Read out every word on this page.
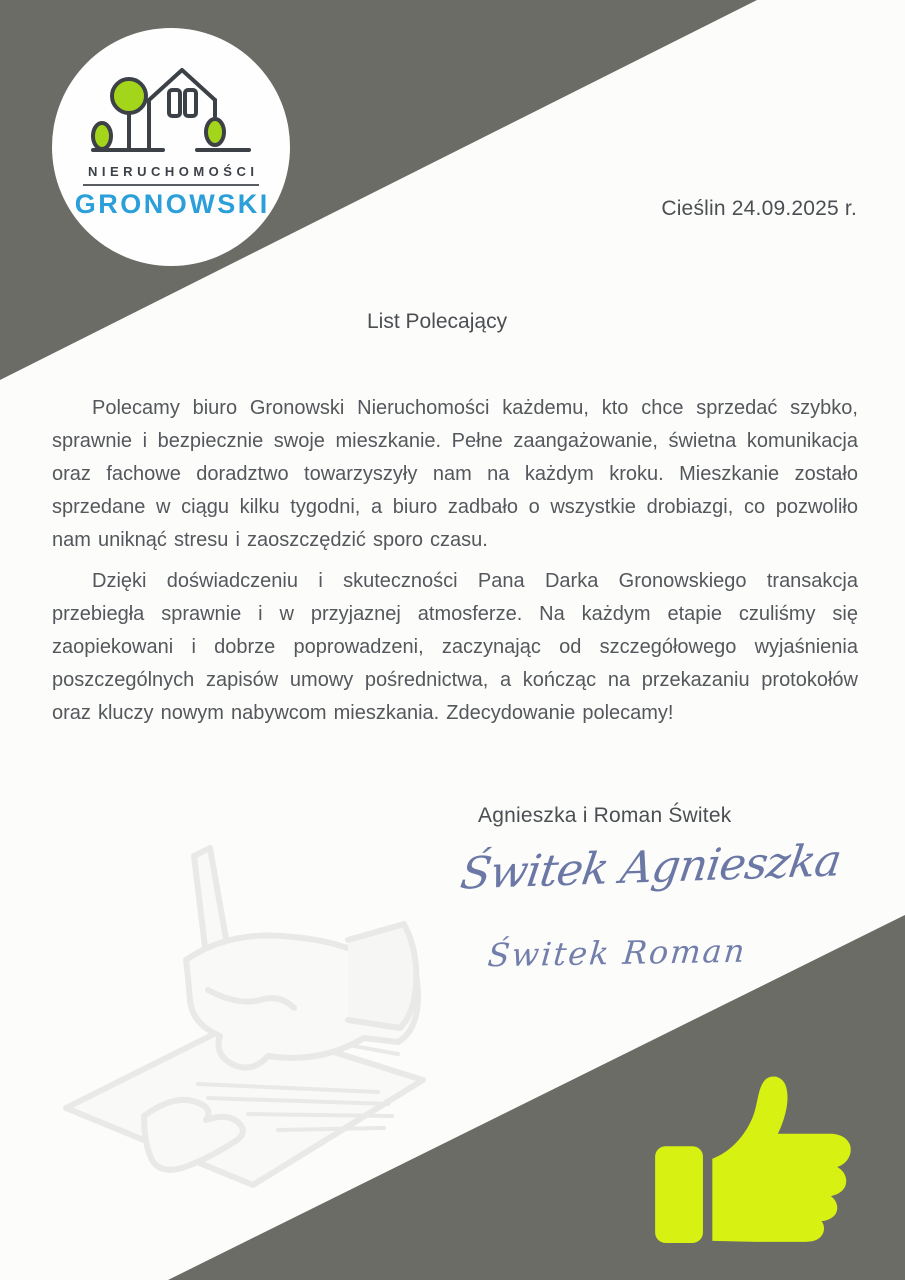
NIERUCHOMOŚCI
GRONOWSKI	Cieślin 24.09.2025 r.
List Polecający

Polecamy biuro Gronowski Nieruchomości każdemu, kto chce sprzedać szybko, sprawnie i bezpiecznie swoje mieszkanie. Pełne zaangażowanie, świetna komunikacja oraz fachowe doradztwo towarzyszyły nam na każdym kroku. Mieszkanie zostało sprzedane w ciągu kilku tygodni, a biuro zadbało o wszystkie drobiazgi, co pozwoliło nam uniknąć stresu i zaoszczędzić sporo czasu.

Dzięki doświadczeniu i skuteczności Pana Darka Gronowskiego transakcja przebiegła sprawnie i w przyjaznej atmosferze. Na każdym etapie czuliśmy się zaopiekowani i dobrze poprowadzeni, zaczynając od szczegółowego wyjaśnienia poszczególnych zapisów umowy pośrednictwa, a kończąc na przekazaniu protokołów oraz kluczy nowym nabywcom mieszkania. Zdecydowanie polecamy!

Agnieszka i Roman Świtek
Świtek Agnieszka
Świtek Roman
